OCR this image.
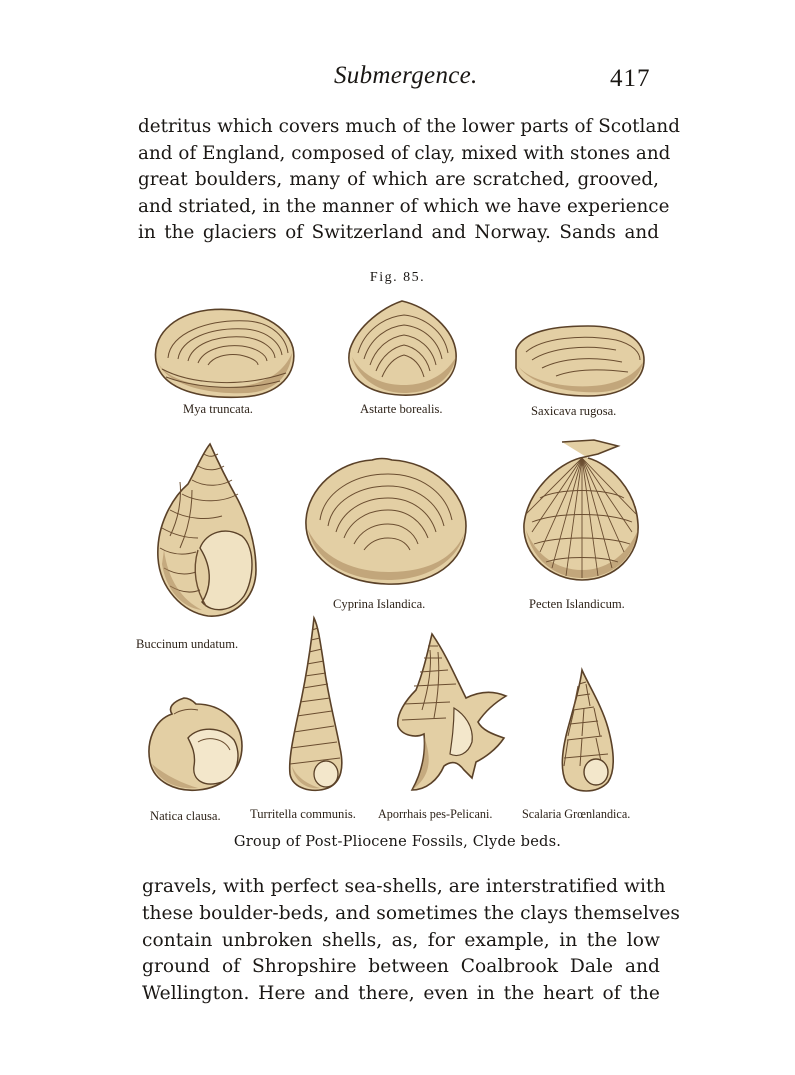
Submergence.	417
detritus which covers much of the lower parts of Scotland
and of England, composed of clay, mixed with stones and
great boulders, many of which are scratched, grooved,
and striated, in the manner of which we have experience
in the glaciers of Switzerland and Norway. Sands and
Fig. 85.
Mya truncata.	Astarte borealis.	Saxicava rugosa.
Cyprina Islandica.	Pecten Islandicum.
Buccinum undatum.
Natica clausa. Turritella communis. Aporrhais pes-Pelicani. Scalaria Grœnlandica.
Group of Post-Pliocene Fossils, Clyde beds.
gravels, with perfect sea-shells, are interstratified with
these boulder-beds, and sometimes the clays themselves
contain unbroken shells, as, for example, in the low
ground of Shropshire between Coalbrook Dale and
Wellington. Here and there, even in the heart of the
